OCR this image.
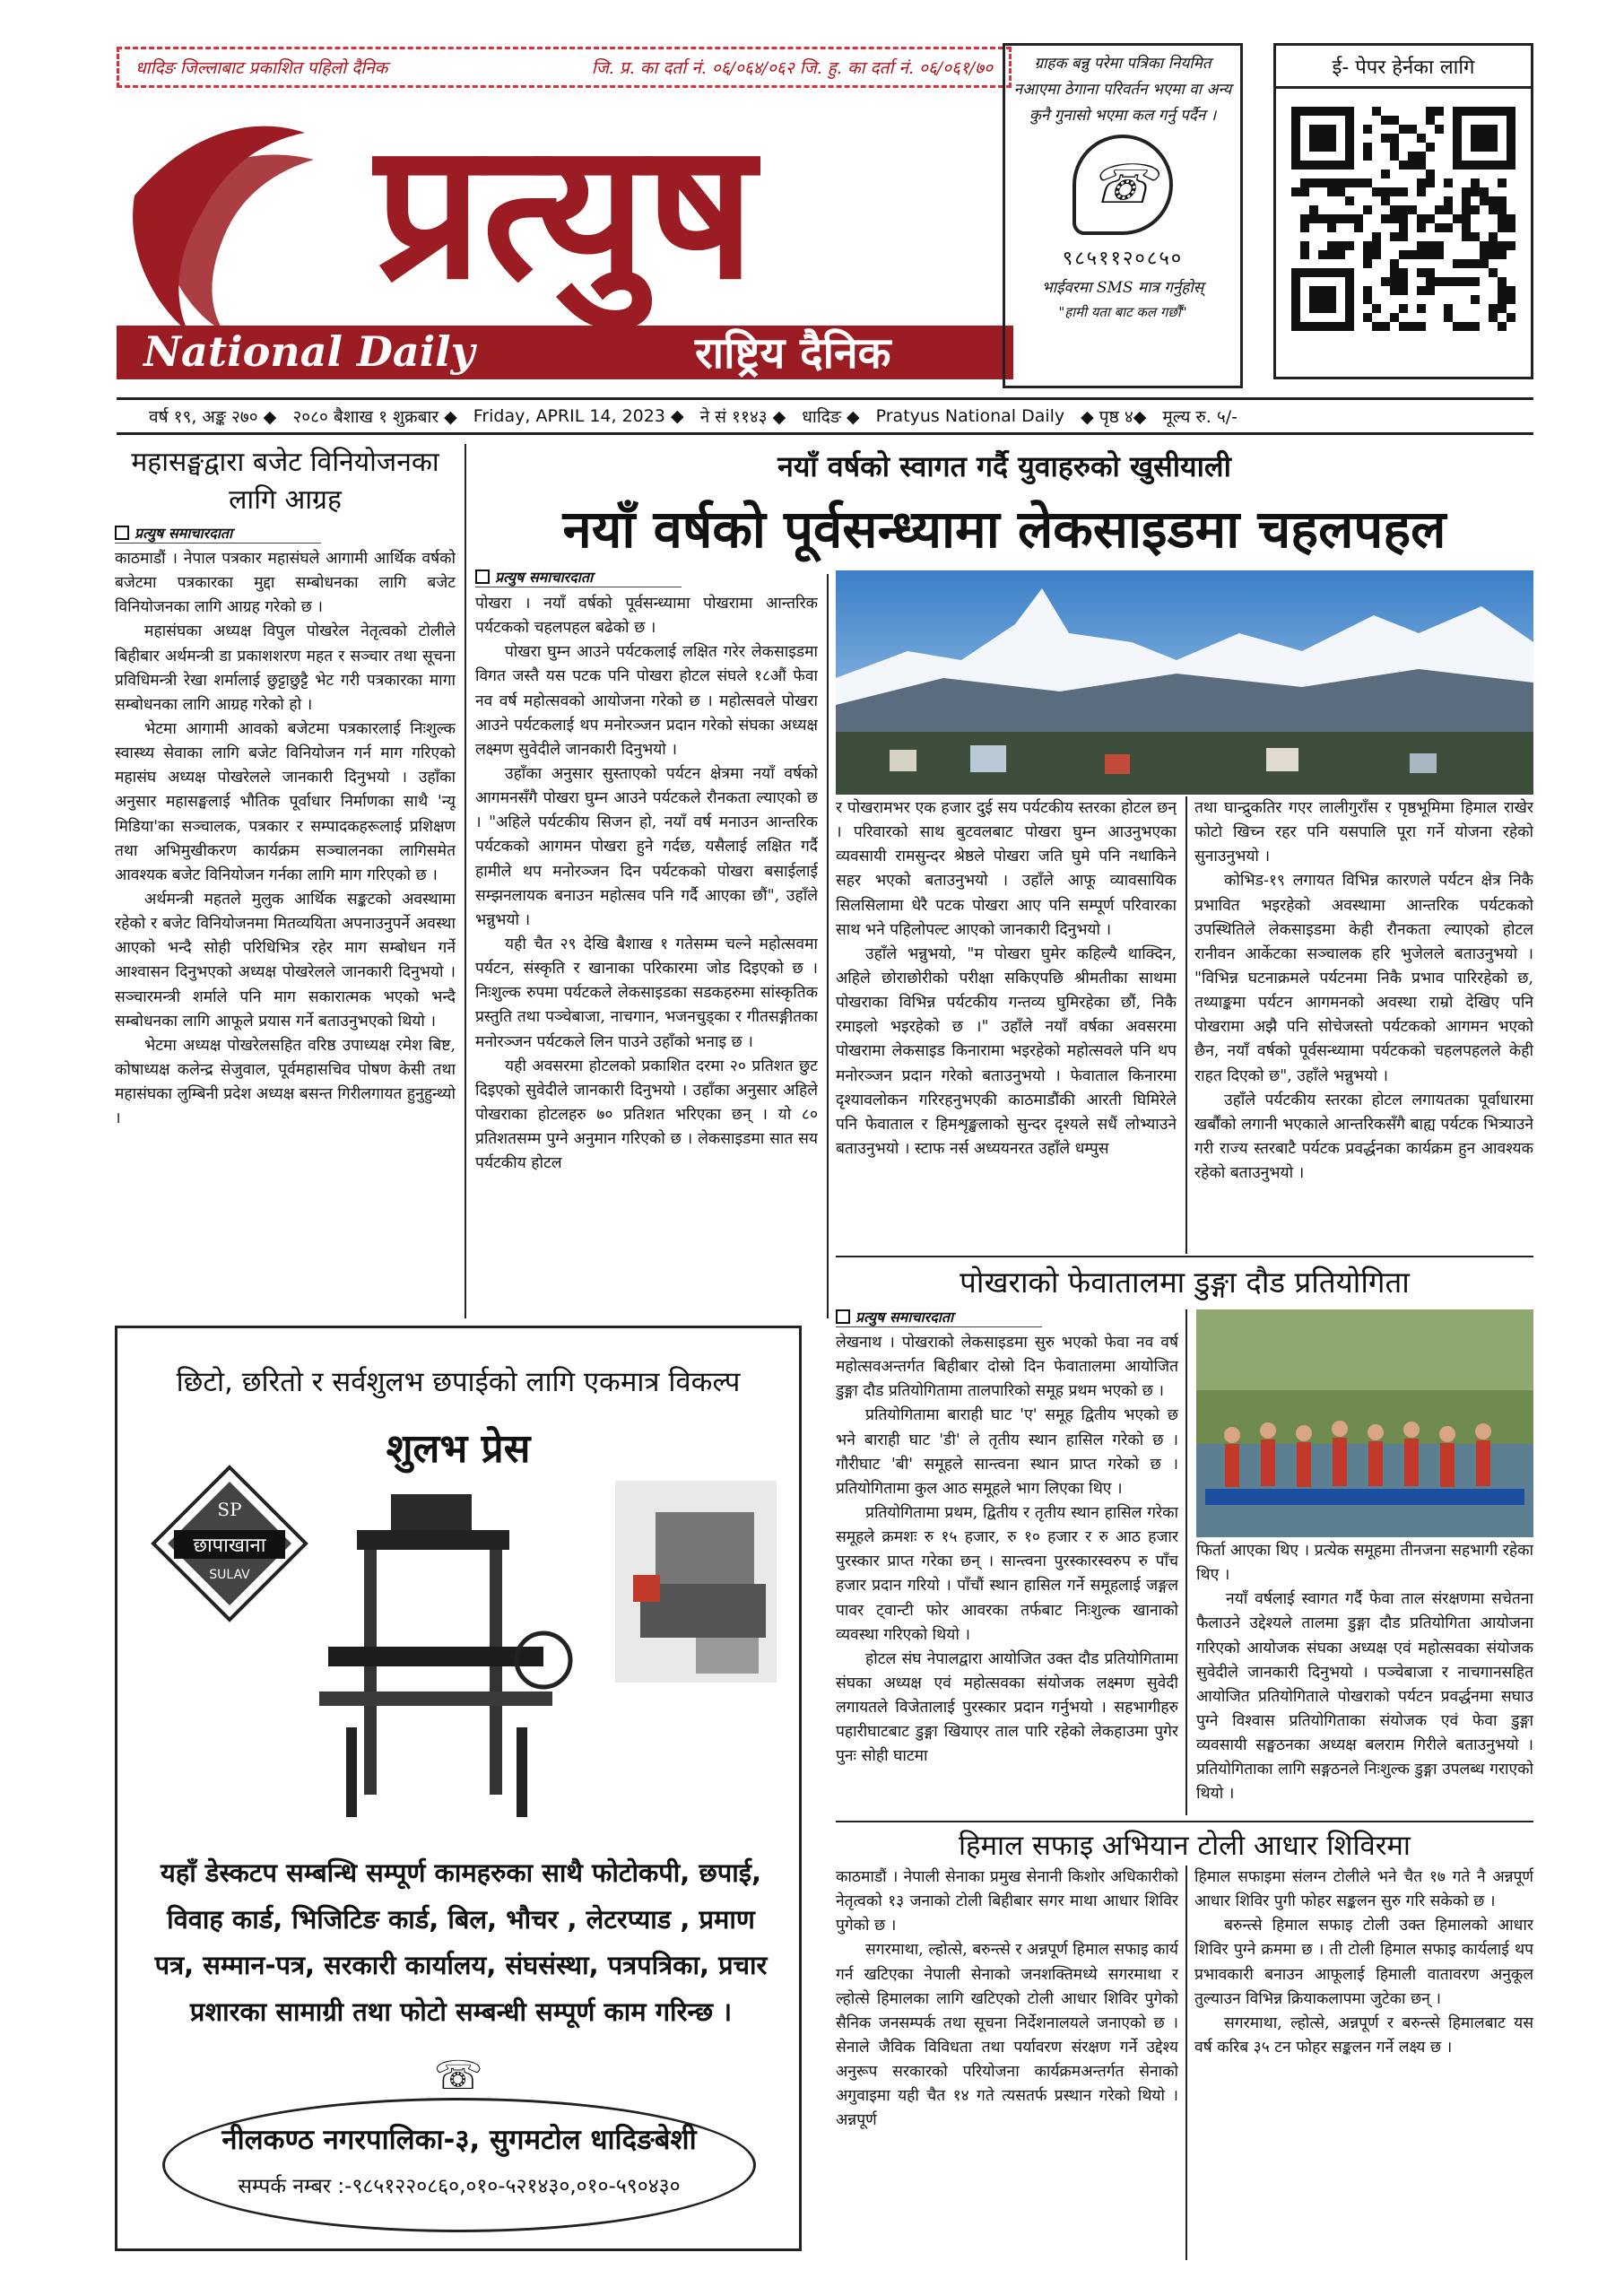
धादिङ जिल्लाबाट प्रकाशित पहिलो दैनिक	जि. प्र. का दर्ता नं. ०६/०६४/०६२ जि. हु. का दर्ता नं. ०६/०६१/७०
प्रत्युष
National Daily	राष्ट्रिय दैनिक
ग्राहक बन्नु परेमा पत्रिका नियमित नआएमा ठेगाना परिवर्तन भएमा वा अन्य कुनै गुनासो भएमा कल गर्नु पर्दैन ।
☏
९८५११२०८५०
भाईवरमा SMS मात्र गर्नुहोस्
"हामी यता बाट कल गर्छौं"
ई- पेपर हेर्नका लागि
वर्ष १९, अङ्क २७० ◆ २०८० बैशाख १ शुक्रबार ◆ Friday, APRIL 14, 2023 ◆ ने सं ११४३ ◆ धादिङ ◆ Pratyus National Daily ◆ पृष्ठ ४◆ मूल्य रु. ५/-
महासङ्घद्वारा बजेट विनियोजनका लागि आग्रह
प्रत्युष समाचारदाता

काठमाडौं । नेपाल पत्रकार महासंघले आगामी आर्थिक वर्षको बजेटमा पत्रकारका मुद्दा सम्बोधनका लागि बजेट विनियोजनका लागि आग्रह गरेको छ ।

महासंघका अध्यक्ष विपुल पोखरेल नेतृत्वको टोलीले बिहीबार अर्थमन्त्री डा प्रकाशशरण महत र सञ्चार तथा सूचना प्रविधिमन्त्री रेखा शर्मालाई छुट्टाछुट्टै भेट गरी पत्रकारका मागा सम्बोधनका लागि आग्रह गरेको हो ।

भेटमा आगामी आवको बजेटमा पत्रकारलाई निःशुल्क स्वास्थ्य सेवाका लागि बजेट विनियोजन गर्न माग गरिएको महासंघ अध्यक्ष पोखरेलले जानकारी दिनुभयो । उहाँका अनुसार महासङ्घलाई भौतिक पूर्वाधार निर्माणका साथै 'न्यू मिडिया'का सञ्चालक, पत्रकार र सम्पादकहरूलाई प्रशिक्षण तथा अभिमुखीकरण कार्यक्रम सञ्चालनका लागिसमेत आवश्यक बजेट विनियोजन गर्नका लागि माग गरिएको छ ।

अर्थमन्त्री महतले मुलुक आर्थिक सङ्कटको अवस्थामा रहेको र बजेट विनियोजनमा मितव्ययिता अपनाउनुपर्ने अवस्था आएको भन्दै सोही परिधिभित्र रहेर माग सम्बोधन गर्ने आश्वासन दिनुभएको अध्यक्ष पोखरेलले जानकारी दिनुभयो । सञ्चारमन्त्री शर्माले पनि माग सकारात्मक भएको भन्दै सम्बोधनका लागि आफूले प्रयास गर्ने बताउनुभएको थियो ।

भेटमा अध्यक्ष पोखरेलसहित वरिष्ठ उपाध्यक्ष रमेश बिष्ट, कोषाध्यक्ष कलेन्द्र सेजुवाल, पूर्वमहासचिव पोषण केसी तथा महासंघका लुम्बिनी प्रदेश अध्यक्ष बसन्त गिरीलगायत हुनुहुन्थ्यो ।

नयाँ वर्षको स्वागत गर्दै युवाहरुको खुसीयाली
नयाँ वर्षको पूर्वसन्ध्यामा लेकसाइडमा चहलपहल
प्रत्युष समाचारदाता

पोखरा । नयाँ वर्षको पूर्वसन्ध्यामा पोखरामा आन्तरिक पर्यटकको चहलपहल बढेको छ ।

पोखरा घुम्न आउने पर्यटकलाई लक्षित गरेर लेकसाइडमा विगत जस्तै यस पटक पनि पोखरा होटल संघले १८औं फेवा नव वर्ष महोत्सवको आयोजना गरेको छ । महोत्सवले पोखरा आउने पर्यटकलाई थप मनोरञ्जन प्रदान गरेको संघका अध्यक्ष लक्ष्मण सुवेदीले जानकारी दिनुभयो ।

उहाँका अनुसार सुस्ताएको पर्यटन क्षेत्रमा नयाँ वर्षको आगमनसँगै पोखरा घुम्न आउने पर्यटकले रौनकता ल्याएको छ । "अहिले पर्यटकीय सिजन हो, नयाँ वर्ष मनाउन आन्तरिक पर्यटकको आगमन पोखरा हुने गर्दछ, यसैलाई लक्षित गर्दै हामीले थप मनोरञ्जन दिन पर्यटकको पोखरा बसाईलाई सम्झनलायक बनाउन महोत्सव पनि गर्दै आएका छौं", उहाँले भन्नुभयो ।

यही चैत २९ देखि बैशाख १ गतेसम्म चल्ने महोत्सवमा पर्यटन, संस्कृति र खानाका परिकारमा जोड दिइएको छ । निःशुल्क रुपमा पर्यटकले लेकसाइडका सडकहरुमा सांस्कृतिक प्रस्तुति तथा पञ्चेबाजा, नाचगान, भजनचुड्का र गीतसङ्गीतका मनोरञ्जन पर्यटकले लिन पाउने उहाँको भनाइ छ ।

यही अवसरमा होटलको प्रकाशित दरमा २० प्रतिशत छुट दिइएको सुवेदीले जानकारी दिनुभयो । उहाँका अनुसार अहिले पोखराका होटलहरु ७० प्रतिशत भरिएका छन् । यो ८० प्रतिशतसम्म पुग्ने अनुमान गरिएको छ । लेकसाइडमा सात सय पर्यटकीय होटल

र पोखरामभर एक हजार दुई सय पर्यटकीय स्तरका होटल छन् । परिवारको साथ बुटवलबाट पोखरा घुम्न आउनुभएका व्यवसायी रामसुन्दर श्रेष्ठले पोखरा जति घुमे पनि नथाकिने सहर भएको बताउनुभयो । उहाँले आफू व्यावसायिक सिलसिलामा धेरै पटक पोखरा आए पनि सम्पूर्ण परिवारका साथ भने पहिलोपल्ट आएको जानकारी दिनुभयो ।

उहाँले भन्नुभयो, "म पोखरा घुमेर कहिल्यै थाक्दिन, अहिले छोराछोरीको परीक्षा सकिएपछि श्रीमतीका साथमा पोखराका विभिन्न पर्यटकीय गन्तव्य घुमिरहेका छौं, निकै रमाइलो भइरहेको छ ।" उहाँले नयाँ वर्षका अवसरमा पोखरामा लेकसाइड किनारामा भइरहेको महोत्सवले पनि थप मनोरञ्जन प्रदान गरेको बताउनुभयो । फेवाताल किनारमा दृश्यावलोकन गरिरहनुभएकी काठमाडौंकी आरती घिमिरेले पनि फेवाताल र हिमशृङ्खलाको सुन्दर दृश्यले सधैं लोभ्याउने बताउनुभयो । स्टाफ नर्स अध्ययनरत उहाँले धम्पुस

तथा घान्द्रुकतिर गएर लालीगुराँस र पृष्ठभूमिमा हिमाल राखेर फोटो खिच्न रहर पनि यसपालि पूरा गर्ने योजना रहेको सुनाउनुभयो ।

कोभिड-१९ लगायत विभिन्न कारणले पर्यटन क्षेत्र निकै प्रभावित भइरहेको अवस्थामा आन्तरिक पर्यटकको उपस्थितिले लेकसाइडमा केही रौनकता ल्याएको होटल रानीवन आर्केटका सञ्चालक हरि भुजेलले बताउनुभयो । "विभिन्न घटनाक्रमले पर्यटनमा निकै प्रभाव पारिरहेको छ, तथ्याङ्कमा पर्यटन आगमनको अवस्था राम्रो देखिए पनि पोखरामा अझै पनि सोचेजस्तो पर्यटकको आगमन भएको छैन, नयाँ वर्षको पूर्वसन्ध्यामा पर्यटकको चहलपहलले केही राहत दिएको छ", उहाँले भन्नुभयो ।

उहाँले पर्यटकीय स्तरका होटल लगायतका पूर्वाधारमा खर्बौंको लगानी भएकाले आन्तरिकसँगै बाह्य पर्यटक भित्र्याउने गरी राज्य स्तरबाटै पर्यटक प्रवर्द्धनका कार्यक्रम हुन आवश्यक रहेको बताउनुभयो ।

पोखराको फेवातालमा डुङ्गा दौड प्रतियोगिता
प्रत्युष समाचारदाता

लेखनाथ । पोखराको लेकसाइडमा सुरु भएको फेवा नव वर्ष महोत्सवअन्तर्गत बिहीबार दोस्रो दिन फेवातालमा आयोजित डुङ्गा दौड प्रतियोगितामा तालपारिको समूह प्रथम भएको छ ।

प्रतियोगितामा बाराही घाट 'ए' समूह द्वितीय भएको छ भने बाराही घाट 'डी' ले तृतीय स्थान हासिल गरेको छ । गौरीघाट 'बी' समूहले सान्त्वना स्थान प्राप्त गरेको छ । प्रतियोगितामा कुल आठ समूहले भाग लिएका थिए ।

प्रतियोगितामा प्रथम, द्वितीय र तृतीय स्थान हासिल गरेका समूहले क्रमशः रु १५ हजार, रु १० हजार र रु आठ हजार पुरस्कार प्राप्त गरेका छन् । सान्त्वना पुरस्कारस्वरुप रु पाँच हजार प्रदान गरियो । पाँचौं स्थान हासिल गर्ने समूहलाई जङ्गल पावर ट्वान्टी फोर आवरका तर्फबाट निःशुल्क खानाको व्यवस्था गरिएको थियो ।

होटल संघ नेपालद्वारा आयोजित उक्त दौड प्रतियोगितामा संघका अध्यक्ष एवं महोत्सवका संयोजक लक्ष्मण सुवेदी लगायतले विजेतालाई पुरस्कार प्रदान गर्नुभयो । सहभागीहरु पहारीघाटबाट डुङ्गा खियाएर ताल पारि रहेको लेकहाउमा पुगेर पुनः सोही घाटमा

फिर्ता आएका थिए । प्रत्येक समूहमा तीनजना सहभागी रहेका थिए ।

नयाँ वर्षलाई स्वागत गर्दै फेवा ताल संरक्षणमा सचेतना फैलाउने उद्देश्यले तालमा डुङ्गा दौड प्रतियोगिता आयोजना गरिएको आयोजक संघका अध्यक्ष एवं महोत्सवका संयोजक सुवेदीले जानकारी दिनुभयो । पञ्चेबाजा र नाचगानसहित आयोजित प्रतियोगिताले पोखराको पर्यटन प्रवर्द्धनमा सघाउ पुग्ने विश्वास प्रतियोगिताका संयोजक एवं फेवा डुङ्गा व्यवसायी सङ्घठनका अध्यक्ष बलराम गिरीले बताउनुभयो । प्रतियोगिताका लागि सङ्गठनले निःशुल्क डुङ्गा उपलब्ध गराएको थियो ।

हिमाल सफाइ अभियान टोली आधार शिविरमा

काठमाडौं । नेपाली सेनाका प्रमुख सेनानी किशोर अधिकारीको नेतृत्वको १३ जनाको टोली बिहीबार सगर माथा आधार शिविर पुगेको छ ।

सगरमाथा, ल्होत्से, बरुन्त्से र अन्नपूर्ण हिमाल सफाइ कार्य गर्न खटिएका नेपाली सेनाको जनशक्तिमध्ये सगरमाथा र ल्होत्से हिमालका लागि खटिएको टोली आधार शिविर पुगेको सैनिक जनसम्पर्क तथा सूचना निर्देशनालयले जनाएको छ । सेनाले जैविक विविधता तथा पर्यावरण संरक्षण गर्ने उद्देश्य अनुरूप सरकारको परियोजना कार्यक्रमअन्तर्गत सेनाको अगुवाइमा यही चैत १४ गते त्यसतर्फ प्रस्थान गरेको थियो । अन्नपूर्ण

हिमाल सफाइमा संलग्न टोलीले भने चैत १७ गते नै अन्नपूर्ण आधार शिविर पुगी फोहर सङ्कलन सुरु गरि सकेको छ ।

बरुन्त्से हिमाल सफाइ टोली उक्त हिमालको आधार शिविर पुग्ने क्रममा छ । ती टोली हिमाल सफाइ कार्यलाई थप प्रभावकारी बनाउन आफूलाई हिमाली वातावरण अनुकूल तुल्याउन विभिन्न क्रियाकलापमा जुटेका छन् ।

सगरमाथा, ल्होत्से, अन्नपूर्ण र बरुन्त्से हिमालबाट यस वर्ष करिब ३५ टन फोहर सङ्कलन गर्ने लक्ष्य छ ।

छिटो, छरितो र सर्वशुलभ छपाईको लागि एकमात्र विकल्प
शुलभ प्रेस
छापाखाना
SP
SULAV
यहाँ डेस्कटप सम्बन्धि सम्पूर्ण कामहरुका साथै फोटोकपी, छपाई, विवाह कार्ड, भिजिटिङ कार्ड, बिल, भौचर , लेटरप्याड , प्रमाण पत्र, सम्मान-पत्र, सरकारी कार्यालय, संघसंस्था, पत्रपत्रिका, प्रचार प्रशारका सामाग्री तथा फोटो सम्बन्धी सम्पूर्ण काम गरिन्छ ।
☏
नीलकण्ठ नगरपालिका-३, सुगमटोल धादिङबेशी
सम्पर्क नम्बर :-९८५१२२०८६०,०१०-५२१४३०,०१०-५९०४३०
